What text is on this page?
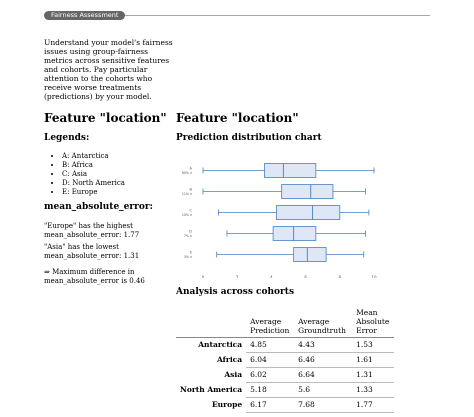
Fairness Assessment
Understand your model's fairness issues using group-fairness metrics across sensitive features and cohorts. Pay particular attention to the cohorts who receive worse treatments (predictions) by your model.
Feature "location"
Legends:
• A: Antarctica
• B: Africa
• C: Asia
• D: North America
• E: Europe
mean_absolute_error:
"Europe" has the highest mean_absolute_error: 1.77
"Asia" has the lowest mean_absolute_error: 1.31
⇒ Maximum difference in mean_absolute_error is 0.46
Feature "location"
Prediction distribution chart
A
60% n
B
11% n
C
10% n
D
7% n
E
3% n
0	2	4	6	8	10
Analysis across cohorts
	Average Prediction	Average Groundtruth	Mean Absolute Error
Antarctica	4.85	4.43	1.53
Africa	6.04	6.46	1.61
Asia	6.02	6.64	1.31
North America	5.18	5.6	1.33
Europe	6.17	7.68	1.77
